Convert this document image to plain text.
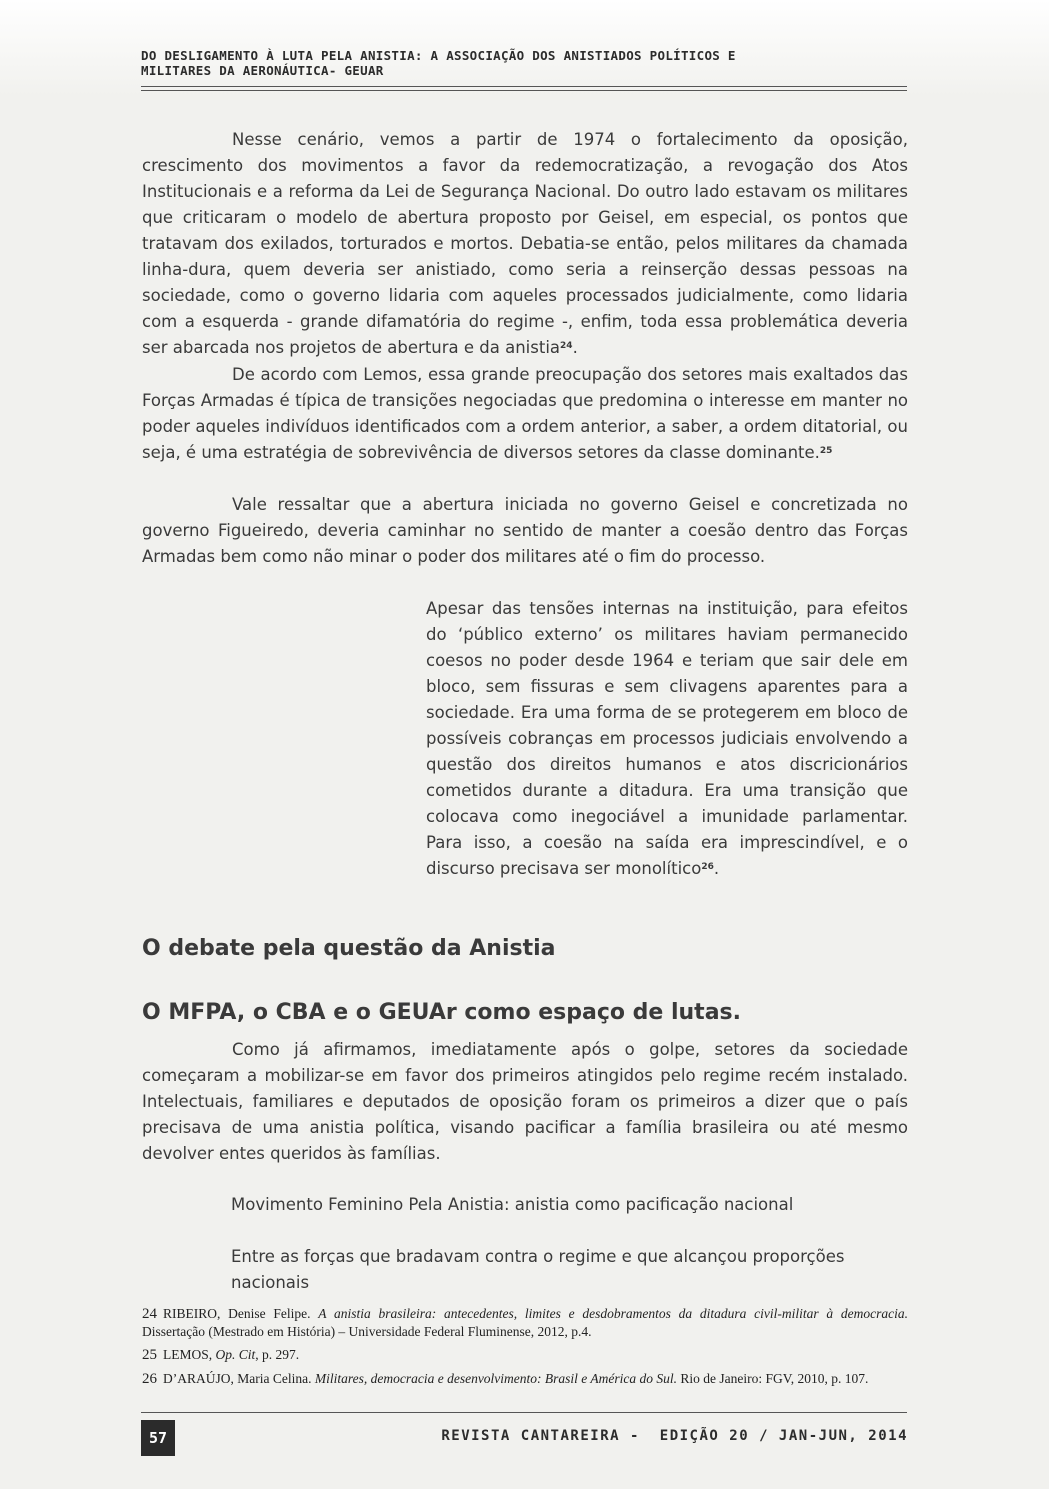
DO DESLIGAMENTO À LUTA PELA ANISTIA: A ASSOCIAÇÃO DOS ANISTIADOS POLÍTICOS E MILITARES DA AERONÁUTICA- GEUAR

Nesse cenário, vemos a partir de 1974 o fortalecimento da oposição, crescimento dos movimentos a favor da redemocratização, a revogação dos Atos Institucionais e a reforma da Lei de Segurança Nacional. Do outro lado estavam os militares que criticaram o modelo de abertura proposto por Geisel, em especial, os pontos que tratavam dos exilados, torturados e mortos. Debatia-se então, pelos militares da chamada linha-dura, quem deveria ser anistiado, como seria a reinserção dessas pessoas na sociedade, como o governo lidaria com aqueles processados judicialmente, como lidaria com a esquerda - grande difamatória do regime -, enfim, toda essa problemática deveria ser abarcada nos projetos de abertura e da anistia$^{24}$.

De acordo com Lemos, essa grande preocupação dos setores mais exaltados das Forças Armadas é típica de transições negociadas que predomina o interesse em manter no poder aqueles indivíduos identificados com a ordem anterior, a saber, a ordem ditatorial, ou seja, é uma estratégia de sobrevivência de diversos setores da classe dominante.$^{25}$

Vale ressaltar que a abertura iniciada no governo Geisel e concretizada no governo Figueiredo, deveria caminhar no sentido de manter a coesão dentro das Forças Armadas bem como não minar o poder dos militares até o fim do processo.

Apesar das tensões internas na instituição, para efeitos do ‘público externo’ os militares haviam permanecido coesos no poder desde 1964 e teriam que sair dele em bloco, sem fissuras e sem clivagens aparentes para a sociedade. Era uma forma de se protegerem em bloco de possíveis cobranças em processos judiciais envolvendo a questão dos direitos humanos e atos discricionários cometidos durante a ditadura. Era uma transição que colocava como inegociável a imunidade parlamentar. Para isso, a coesão na saída era imprescindível, e o discurso precisava ser monolítico$^{26}$.

O debate pela questão da Anistia
O MFPA, o CBA e o GEUAr como espaço de lutas.

Como já afirmamos, imediatamente após o golpe, setores da sociedade começaram a mobilizar-se em favor dos primeiros atingidos pelo regime recém instalado. Intelectuais, familiares e deputados de oposição foram os primeiros a dizer que o país precisava de uma anistia política, visando pacificar a família brasileira ou até mesmo devolver entes queridos às famílias.

Movimento Feminino Pela Anistia: anistia como pacificação nacional

Entre as forças que bradavam contra o regime e que alcançou proporções nacionais

24 RIBEIRO, Denise Felipe. A anistia brasileira: antecedentes, limites e desdobramentos da ditadura civil-militar à democracia. Dissertação (Mestrado em História) – Universidade Federal Fluminense, 2012, p.4.

25 LEMOS, Op. Cit, p. 297.

26 D’ARAÚJO, Maria Celina. Militares, democracia e desenvolvimento: Brasil e América do Sul. Rio de Janeiro: FGV, 2010, p. 107.

57	REVISTA CANTAREIRA -  EDIÇÃO 20 / JAN-JUN, 2014
